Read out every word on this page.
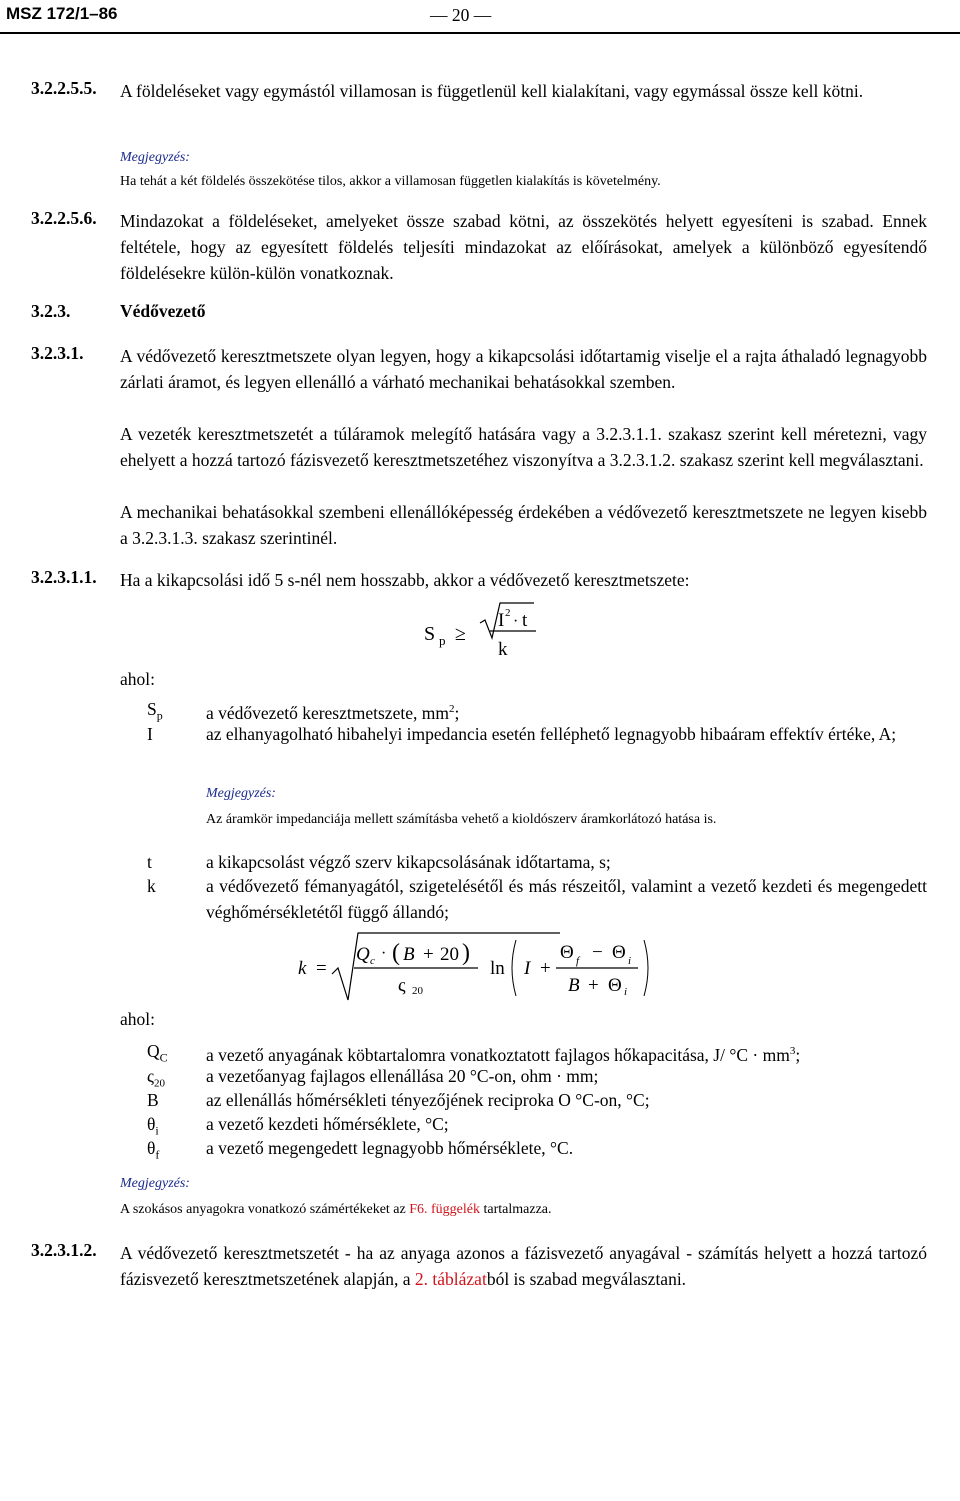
MSZ 172/1–86	— 20 —
3.2.2.5.5.	A földeléseket vagy egymástól villamosan is függetlenül kell kialakítani, vagy egymással össze kell kötni.
Megjegyzés:
Ha tehát a két földelés összekötése tilos, akkor a villamosan független kialakítás is követelmény.
3.2.2.5.6.	Mindazokat a földeléseket, amelyeket össze szabad kötni, az összekötés helyett egyesíteni is szabad. Ennek feltétele, hogy az egyesített földelés teljesíti mindazokat az előírásokat, amelyek a különböző egyesítendő földelésekre külön-külön vonatkoznak.
3.2.3.	Védővezető
3.2.3.1. A védővezető keresztmetszete olyan legyen, hogy a kikapcsolási időtartamig viselje el a rajta áthaladó legnagyobb zárlati áramot, és legyen ellenálló a várható mechanikai behatásokkal szemben.
A vezeték keresztmetszetét a túláramok melegítő hatására vagy a 3.2.3.1.1. szakasz szerint kell méretezni, vagy ehelyett a hozzá tartozó fázisvezető keresztmetszetéhez viszonyítva a 3.2.3.1.2. szakasz szerint kell megválasztani.
A mechanikai behatásokkal szembeni ellenállóképesség érdekében a védővezető keresztmetszete ne legyen kisebb a 3.2.3.1.3. szakasz szerintinél.
3.2.3.1.1. Ha a kikapcsolási idő 5 s-nél nem hosszabb, akkor a védővezető keresztmetszete:
S p ≥
I 2 · t
k
ahol:
$S_p$ a védővezető keresztmetszete, $mm^2$;
I	az elhanyagolható hibahelyi impedancia esetén felléphető legnagyobb hibaáram effektív értéke, A;
Megjegyzés:
Az áramkör impedanciája mellett számításba vehető a kioldószerv áramkorlátozó hatása is.
t	a kikapcsolást végző szerv kikapcsolásának időtartama, s;
k	a védővezető fémanyagától, szigetelésétől és más részeitől, valamint a vezető kezdeti és megengedett véghőmérsékletétől függő állandó;
k =
Q c · ( B + 20 )
ς 20
ln I +
Θ f − Θ i
B + Θ i
ahol:
$Q_C$ a vezető anyagának köbtartalomra vonatkoztatott fajlagos hőkapacitása, J/ $^\circ C \cdot mm^3$;
$\varsigma_{20}$ a vezetőanyag fajlagos ellenállása 20 °C-on, ohm · mm;
B	az ellenállás hőmérsékleti tényezőjének reciproka O °C-on, °C;
$\theta_i$	a vezető kezdeti hőmérséklete, °C;
$\theta_f$	a vezető megengedett legnagyobb hőmérséklete, °C.
Megjegyzés:
A szokásos anyagokra vonatkozó számértékeket az F6. függelék tartalmazza.
3.2.3.1.2. A védővezető keresztmetszetét - ha az anyaga azonos a fázisvezető anyagával - számítás helyett a hozzá tartozó fázisvezető keresztmetszetének alapján, a 2. táblázatból is szabad megválasztani.
